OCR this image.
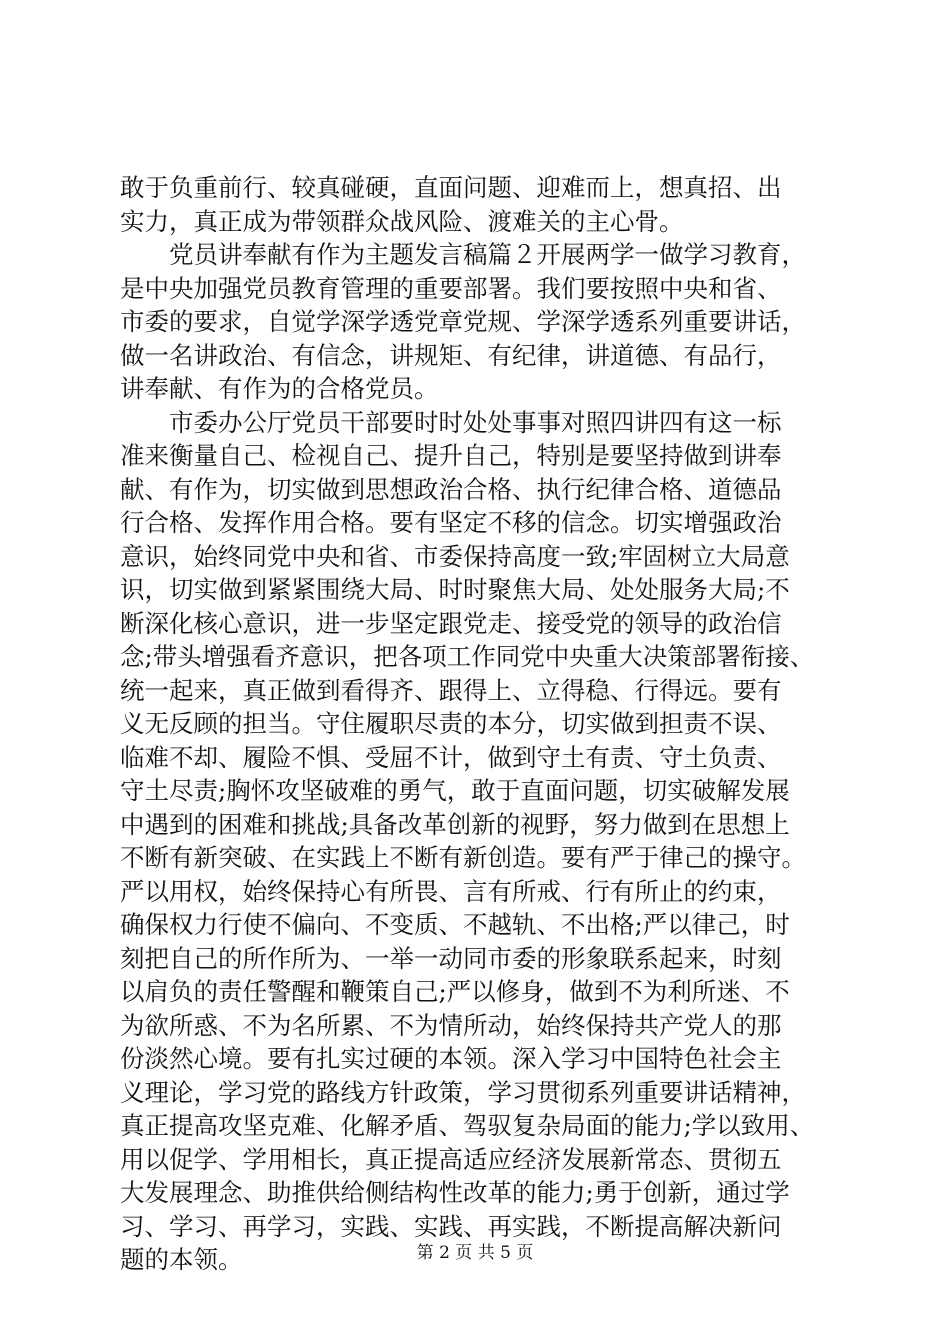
敢于负重前行、较真碰硬，直面问题、迎难而上，想真招、出
实力，真正成为带领群众战风险、渡难关的主心骨。
　　党员讲奉献有作为主题发言稿篇２开展两学一做学习教育，
是中央加强党员教育管理的重要部署。我们要按照中央和省、
市委的要求，自觉学深学透党章党规、学深学透系列重要讲话，
做一名讲政治、有信念，讲规矩、有纪律，讲道德、有品行，
讲奉献、有作为的合格党员。
　　市委办公厅党员干部要时时处处事事对照四讲四有这一标
准来衡量自己、检视自己、提升自己，特别是要坚持做到讲奉
献、有作为，切实做到思想政治合格、执行纪律合格、道德品
行合格、发挥作用合格。要有坚定不移的信念。切实增强政治
意识，始终同党中央和省、市委保持高度一致;牢固树立大局意
识，切实做到紧紧围绕大局、时时聚焦大局、处处服务大局;不
断深化核心意识，进一步坚定跟党走、接受党的领导的政治信
念;带头增强看齐意识，把各项工作同党中央重大决策部署衔接、
统一起来，真正做到看得齐、跟得上、立得稳、行得远。要有
义无反顾的担当。守住履职尽责的本分，切实做到担责不误、
临难不却、履险不惧、受屈不计，做到守土有责、守土负责、
守土尽责;胸怀攻坚破难的勇气，敢于直面问题，切实破解发展
中遇到的困难和挑战;具备改革创新的视野，努力做到在思想上
不断有新突破、在实践上不断有新创造。要有严于律己的操守。
严以用权，始终保持心有所畏、言有所戒、行有所止的约束，
确保权力行使不偏向、不变质、不越轨、不出格;严以律己，时
刻把自己的所作所为、一举一动同市委的形象联系起来，时刻
以肩负的责任警醒和鞭策自己;严以修身，做到不为利所迷、不
为欲所惑、不为名所累、不为情所动，始终保持共产党人的那
份淡然心境。要有扎实过硬的本领。深入学习中国特色社会主
义理论，学习党的路线方针政策，学习贯彻系列重要讲话精神，
真正提高攻坚克难、化解矛盾、驾驭复杂局面的能力;学以致用、
用以促学、学用相长，真正提高适应经济发展新常态、贯彻五
大发展理念、助推供给侧结构性改革的能力;勇于创新，通过学
习、学习、再学习，实践、实践、再实践，不断提高解决新问
题的本领。	第 2 页 共 5 页
